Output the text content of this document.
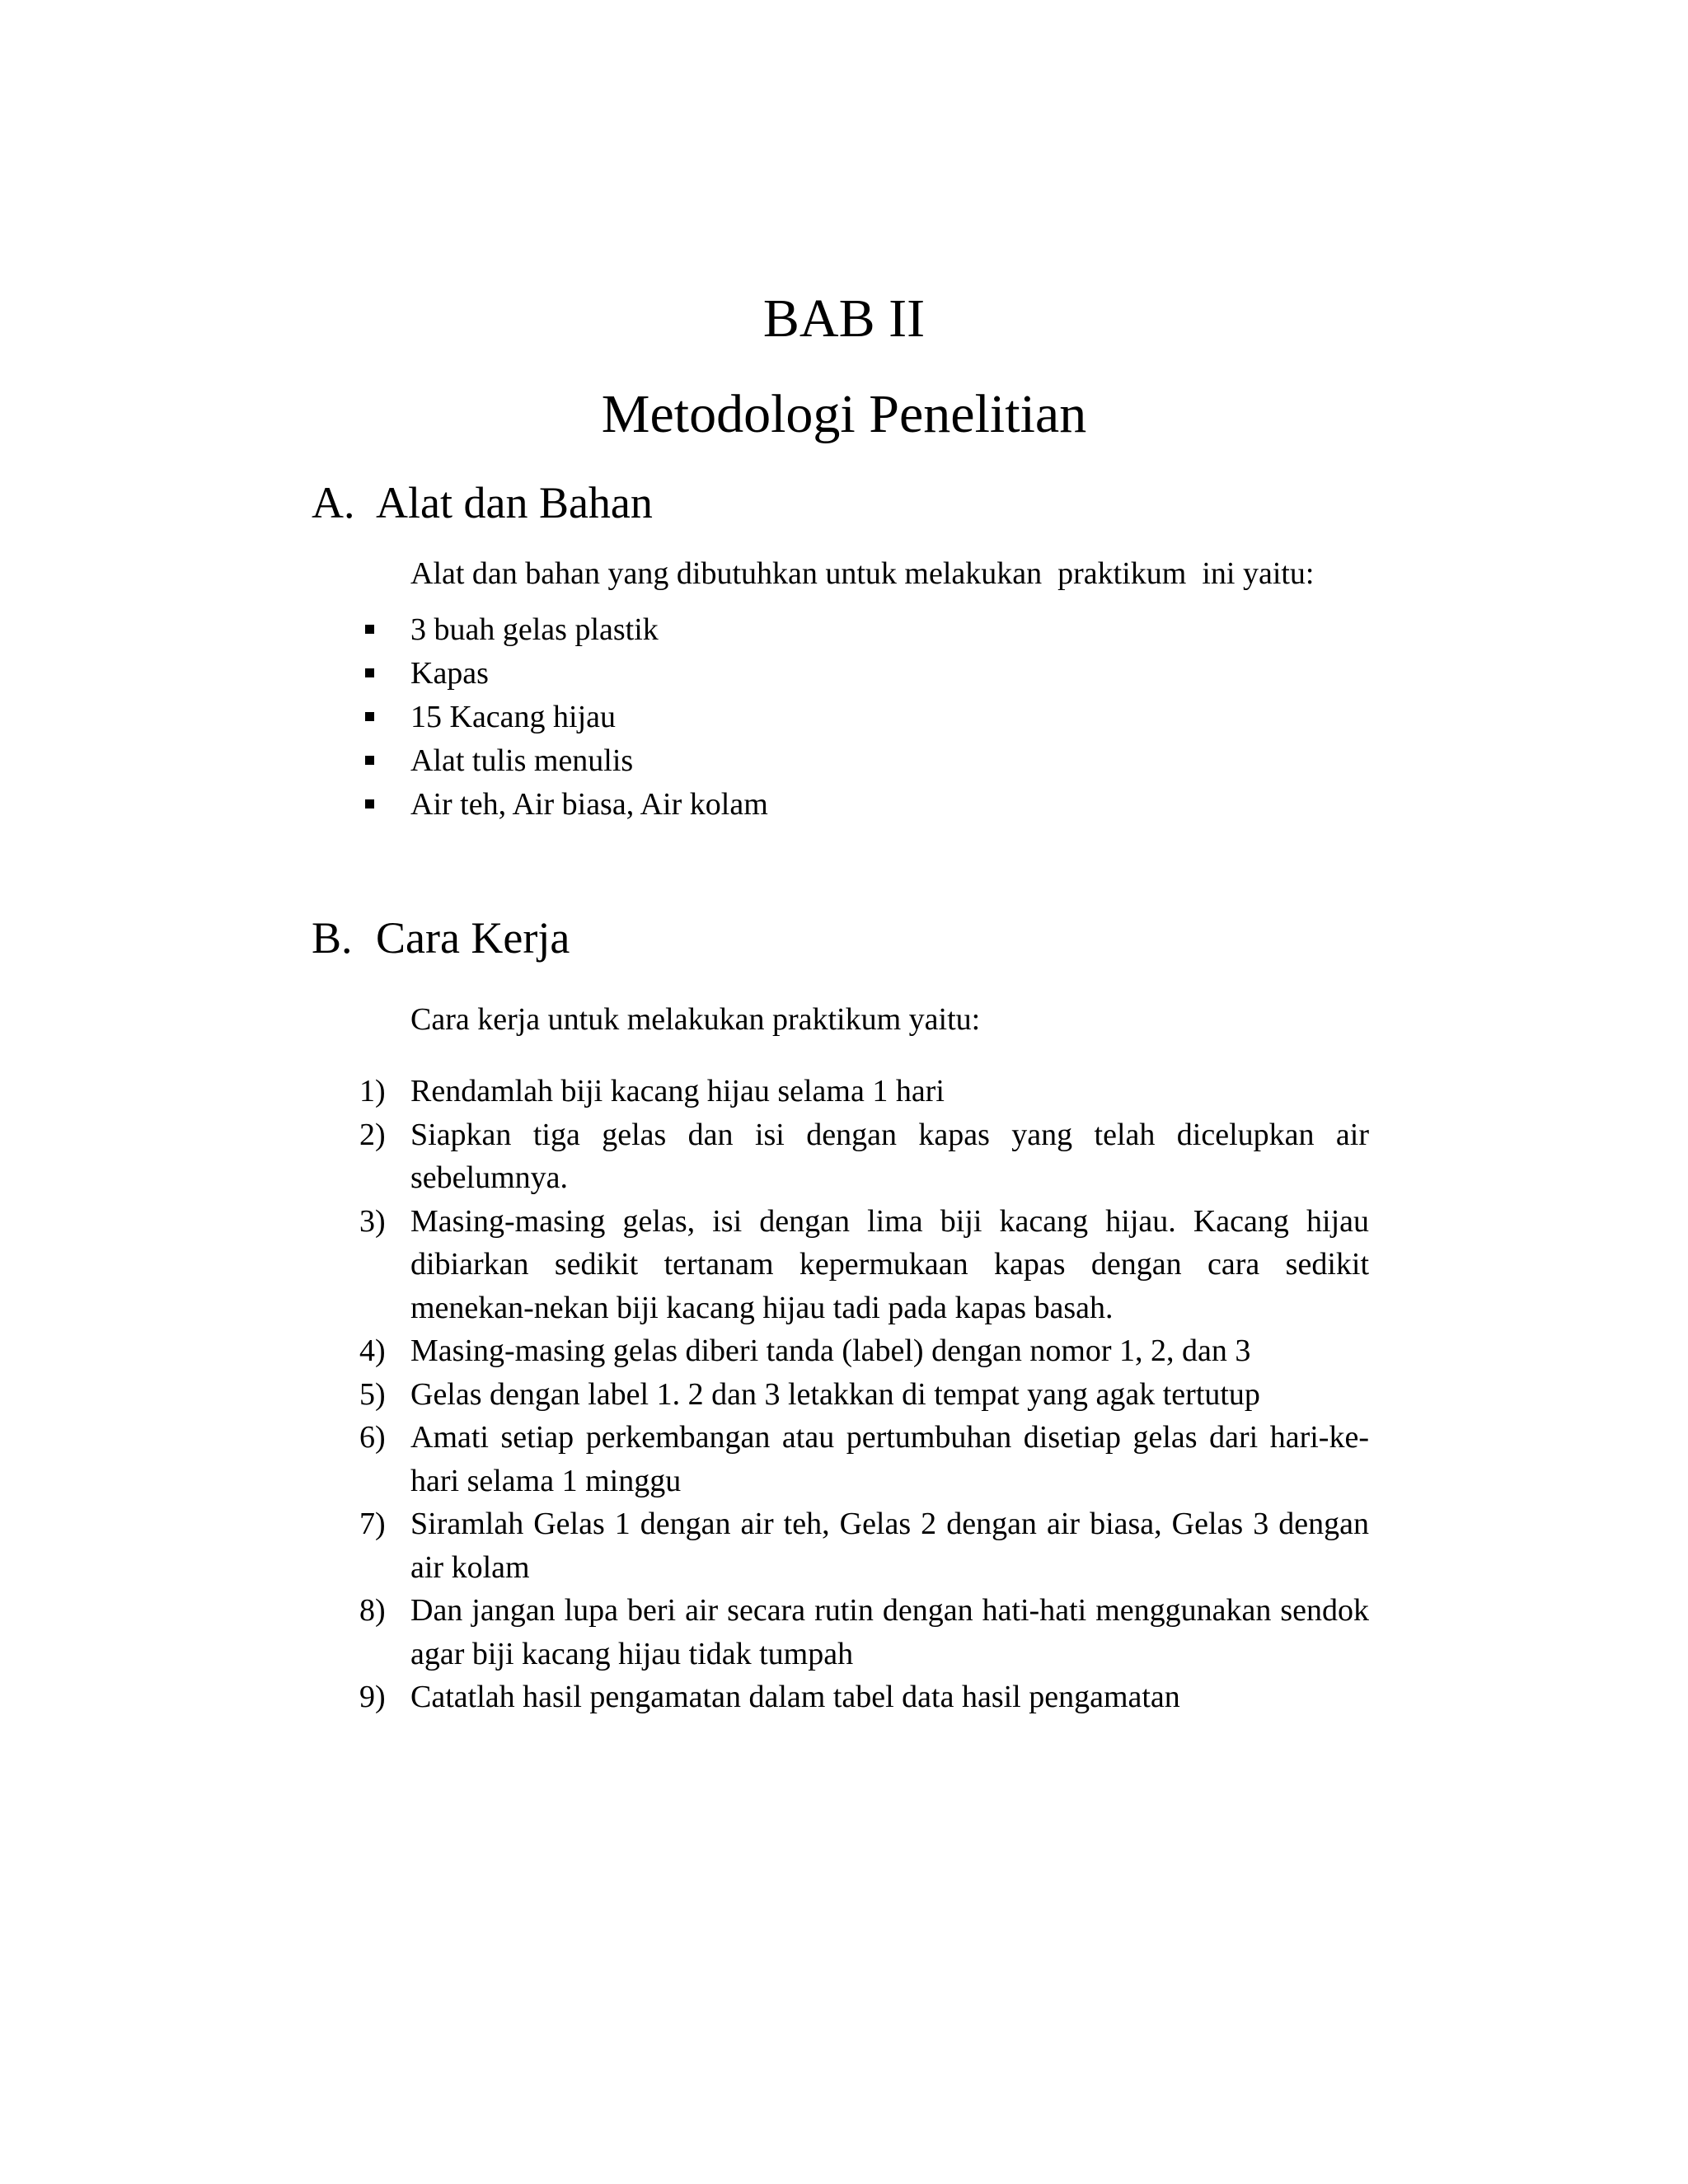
BAB II
Metodologi Penelitian
A. Alat dan Bahan
Alat dan bahan yang dibutuhkan untuk melakukan  praktikum  ini yaitu:
3 buah gelas plastik
Kapas
15 Kacang hijau
Alat tulis menulis
Air teh, Air biasa, Air kolam
B. Cara Kerja
Cara kerja untuk melakukan praktikum yaitu:
1) Rendamlah biji kacang hijau selama 1 hari
2) Siapkan tiga gelas dan isi dengan kapas yang telah dicelupkan air sebelumnya.
3) Masing-masing gelas, isi dengan lima biji kacang hijau. Kacang hijau dibiarkan sedikit tertanam kepermukaan kapas dengan cara sedikit menekan-nekan biji kacang hijau tadi pada kapas basah.
4) Masing-masing gelas diberi tanda (label) dengan nomor 1, 2, dan 3
5) Gelas dengan label 1. 2 dan 3 letakkan di tempat yang agak tertutup
6) Amati setiap perkembangan atau pertumbuhan disetiap gelas dari hari-ke- hari selama 1 minggu
7) Siramlah Gelas 1 dengan air teh, Gelas 2 dengan air biasa, Gelas 3 dengan air kolam
8) Dan jangan lupa beri air secara rutin dengan hati-hati menggunakan sendok agar biji kacang hijau tidak tumpah
9) Catatlah hasil pengamatan dalam tabel data hasil pengamatan
